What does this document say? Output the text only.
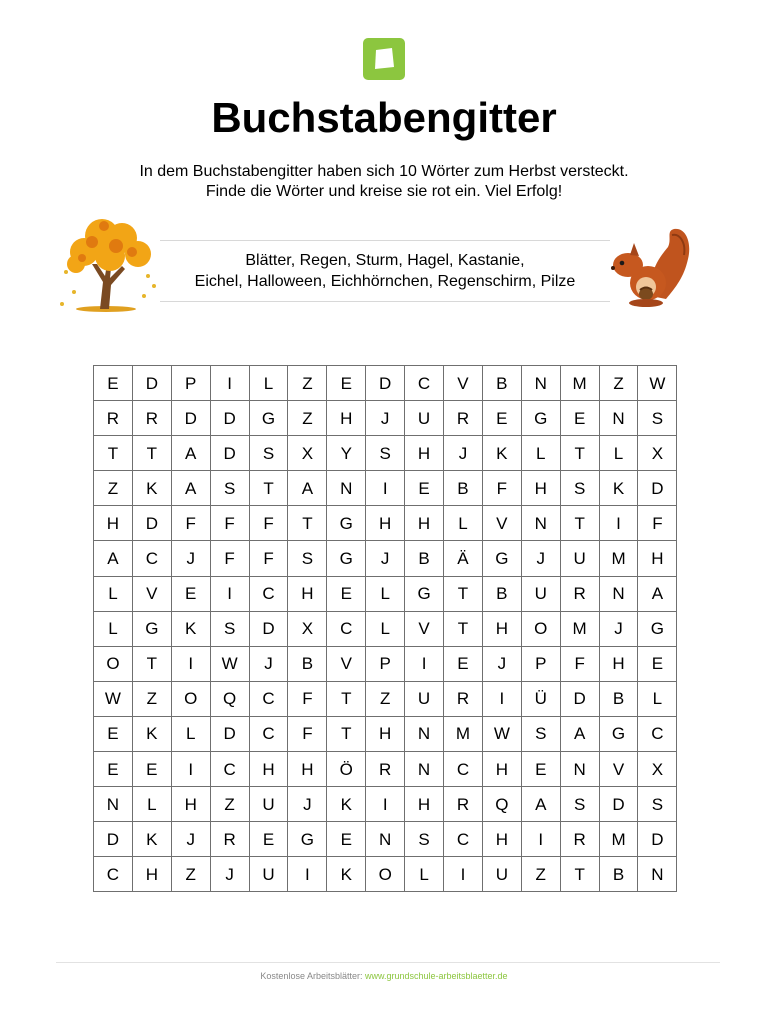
Buchstabengitter
In dem Buchstabengitter haben sich 10 Wörter zum Herbst versteckt.
Finde die Wörter und kreise sie rot ein. Viel Erfolg!
Blätter, Regen, Sturm, Hagel, Kastanie,
Eichel, Halloween, Eichhörnchen, Regenschirm, Pilze
E	D	P	I	L	Z	E	D	C	V	B	N	M	Z	W
R	R	D	D	G	Z	H	J	U	R	E	G	E	N	S
T	T	A	D	S	X	Y	S	H	J	K	L	T	L	X
Z	K	A	S	T	A	N	I	E	B	F	H	S	K	D
H	D	F	F	F	T	G	H	H	L	V	N	T	I	F
A	C	J	F	F	S	G	J	B	Ä	G	J	U	M	H
L	V	E	I	C	H	E	L	G	T	B	U	R	N	A
L	G	K	S	D	X	C	L	V	T	H	O	M	J	G
O	T	I	W	J	B	V	P	I	E	J	P	F	H	E
W	Z	O	Q	C	F	T	Z	U	R	I	Ü	D	B	L
E	K	L	D	C	F	T	H	N	M	W	S	A	G	C
E	E	I	C	H	H	Ö	R	N	C	H	E	N	V	X
N	L	H	Z	U	J	K	I	H	R	Q	A	S	D	S
D	K	J	R	E	G	E	N	S	C	H	I	R	M	D
C	H	Z	J	U	I	K	O	L	I	U	Z	T	B	N
Kostenlose Arbeitsblätter: www.grundschule-arbeitsblaetter.de
